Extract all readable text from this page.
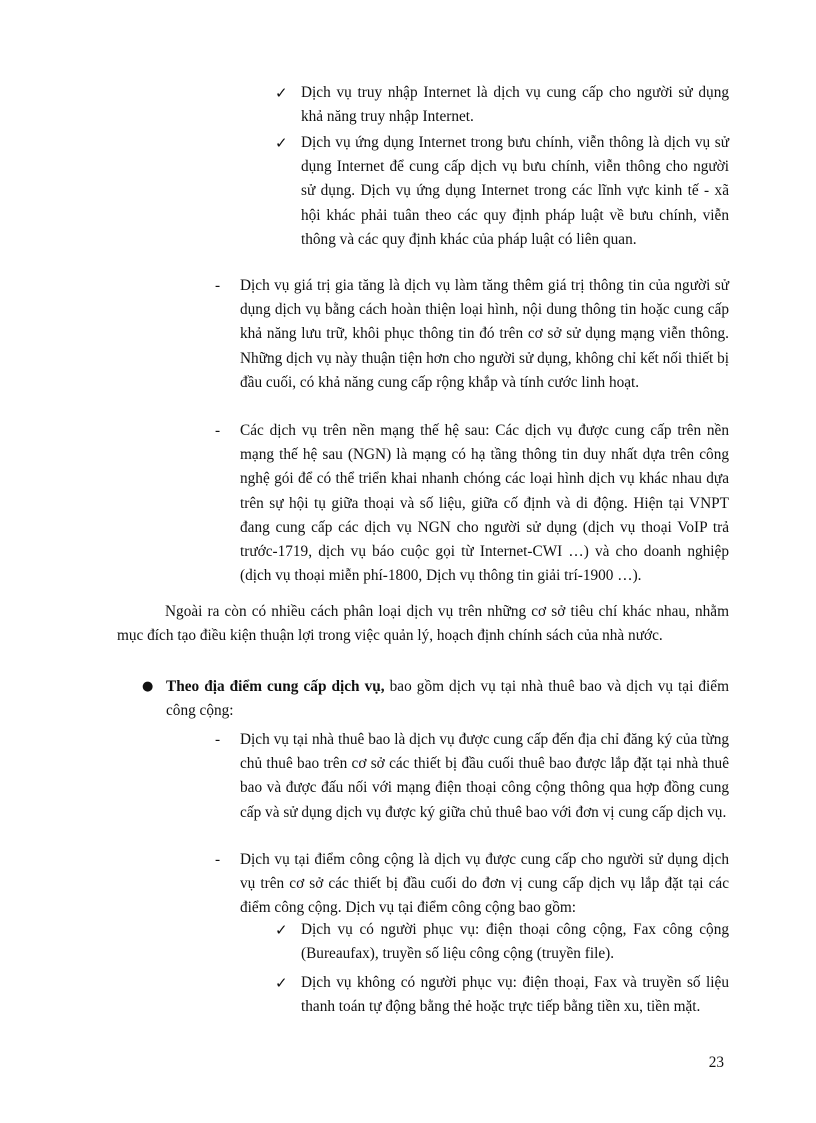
✓ Dịch vụ truy nhập Internet là dịch vụ cung cấp cho người sử dụng khả năng truy nhập Internet.
✓ Dịch vụ ứng dụng Internet trong bưu chính, viễn thông là dịch vụ sử dụng Internet để cung cấp dịch vụ bưu chính, viễn thông cho người sử dụng. Dịch vụ ứng dụng Internet trong các lĩnh vực kinh tế - xã hội khác phải tuân theo các quy định pháp luật về bưu chính, viễn thông và các quy định khác của pháp luật có liên quan.
- Dịch vụ giá trị gia tăng là dịch vụ làm tăng thêm giá trị thông tin của người sử dụng dịch vụ bằng cách hoàn thiện loại hình, nội dung thông tin hoặc cung cấp khả năng lưu trữ, khôi phục thông tin đó trên cơ sở sử dụng mạng viễn thông. Những dịch vụ này thuận tiện hơn cho người sử dụng, không chỉ kết nối thiết bị đầu cuối, có khả năng cung cấp rộng khắp và tính cước linh hoạt.
- Các dịch vụ trên nền mạng thế hệ sau: Các dịch vụ được cung cấp trên nền mạng thế hệ sau (NGN) là mạng có hạ tầng thông tin duy nhất dựa trên công nghệ gói để có thể triển khai nhanh chóng các loại hình dịch vụ khác nhau dựa trên sự hội tụ giữa thoại và số liệu, giữa cố định và di động. Hiện tại VNPT đang cung cấp các dịch vụ NGN cho người sử dụng (dịch vụ thoại VoIP trả trước-1719, dịch vụ báo cuộc gọi từ Internet-CWI …) và cho doanh nghiệp (dịch vụ thoại miễn phí-1800, Dịch vụ thông tin giải trí-1900 …).
Ngoài ra còn có nhiều cách phân loại dịch vụ trên những cơ sở tiêu chí khác nhau, nhằm mục đích tạo điều kiện thuận lợi trong việc quản lý, hoạch định chính sách của nhà nước.
● Theo địa điểm cung cấp dịch vụ, bao gồm dịch vụ tại nhà thuê bao và dịch vụ tại điểm công cộng:
- Dịch vụ tại nhà thuê bao là dịch vụ được cung cấp đến địa chỉ đăng ký của từng chủ thuê bao trên cơ sở các thiết bị đầu cuối thuê bao được lắp đặt tại nhà thuê bao và được đấu nối với mạng điện thoại công cộng thông qua hợp đồng cung cấp và sử dụng dịch vụ được ký giữa chủ thuê bao với đơn vị cung cấp dịch vụ.
- Dịch vụ tại điểm công cộng là dịch vụ được cung cấp cho người sử dụng dịch vụ trên cơ sở các thiết bị đầu cuối do đơn vị cung cấp dịch vụ lắp đặt tại các điểm công cộng. Dịch vụ tại điểm công cộng bao gồm:
✓ Dịch vụ có người phục vụ: điện thoại công cộng, Fax công cộng (Bureaufax), truyền số liệu công cộng (truyền file).
✓ Dịch vụ không có người phục vụ: điện thoại, Fax và truyền số liệu thanh toán tự động bằng thẻ hoặc trực tiếp bằng tiền xu, tiền mặt.
23
